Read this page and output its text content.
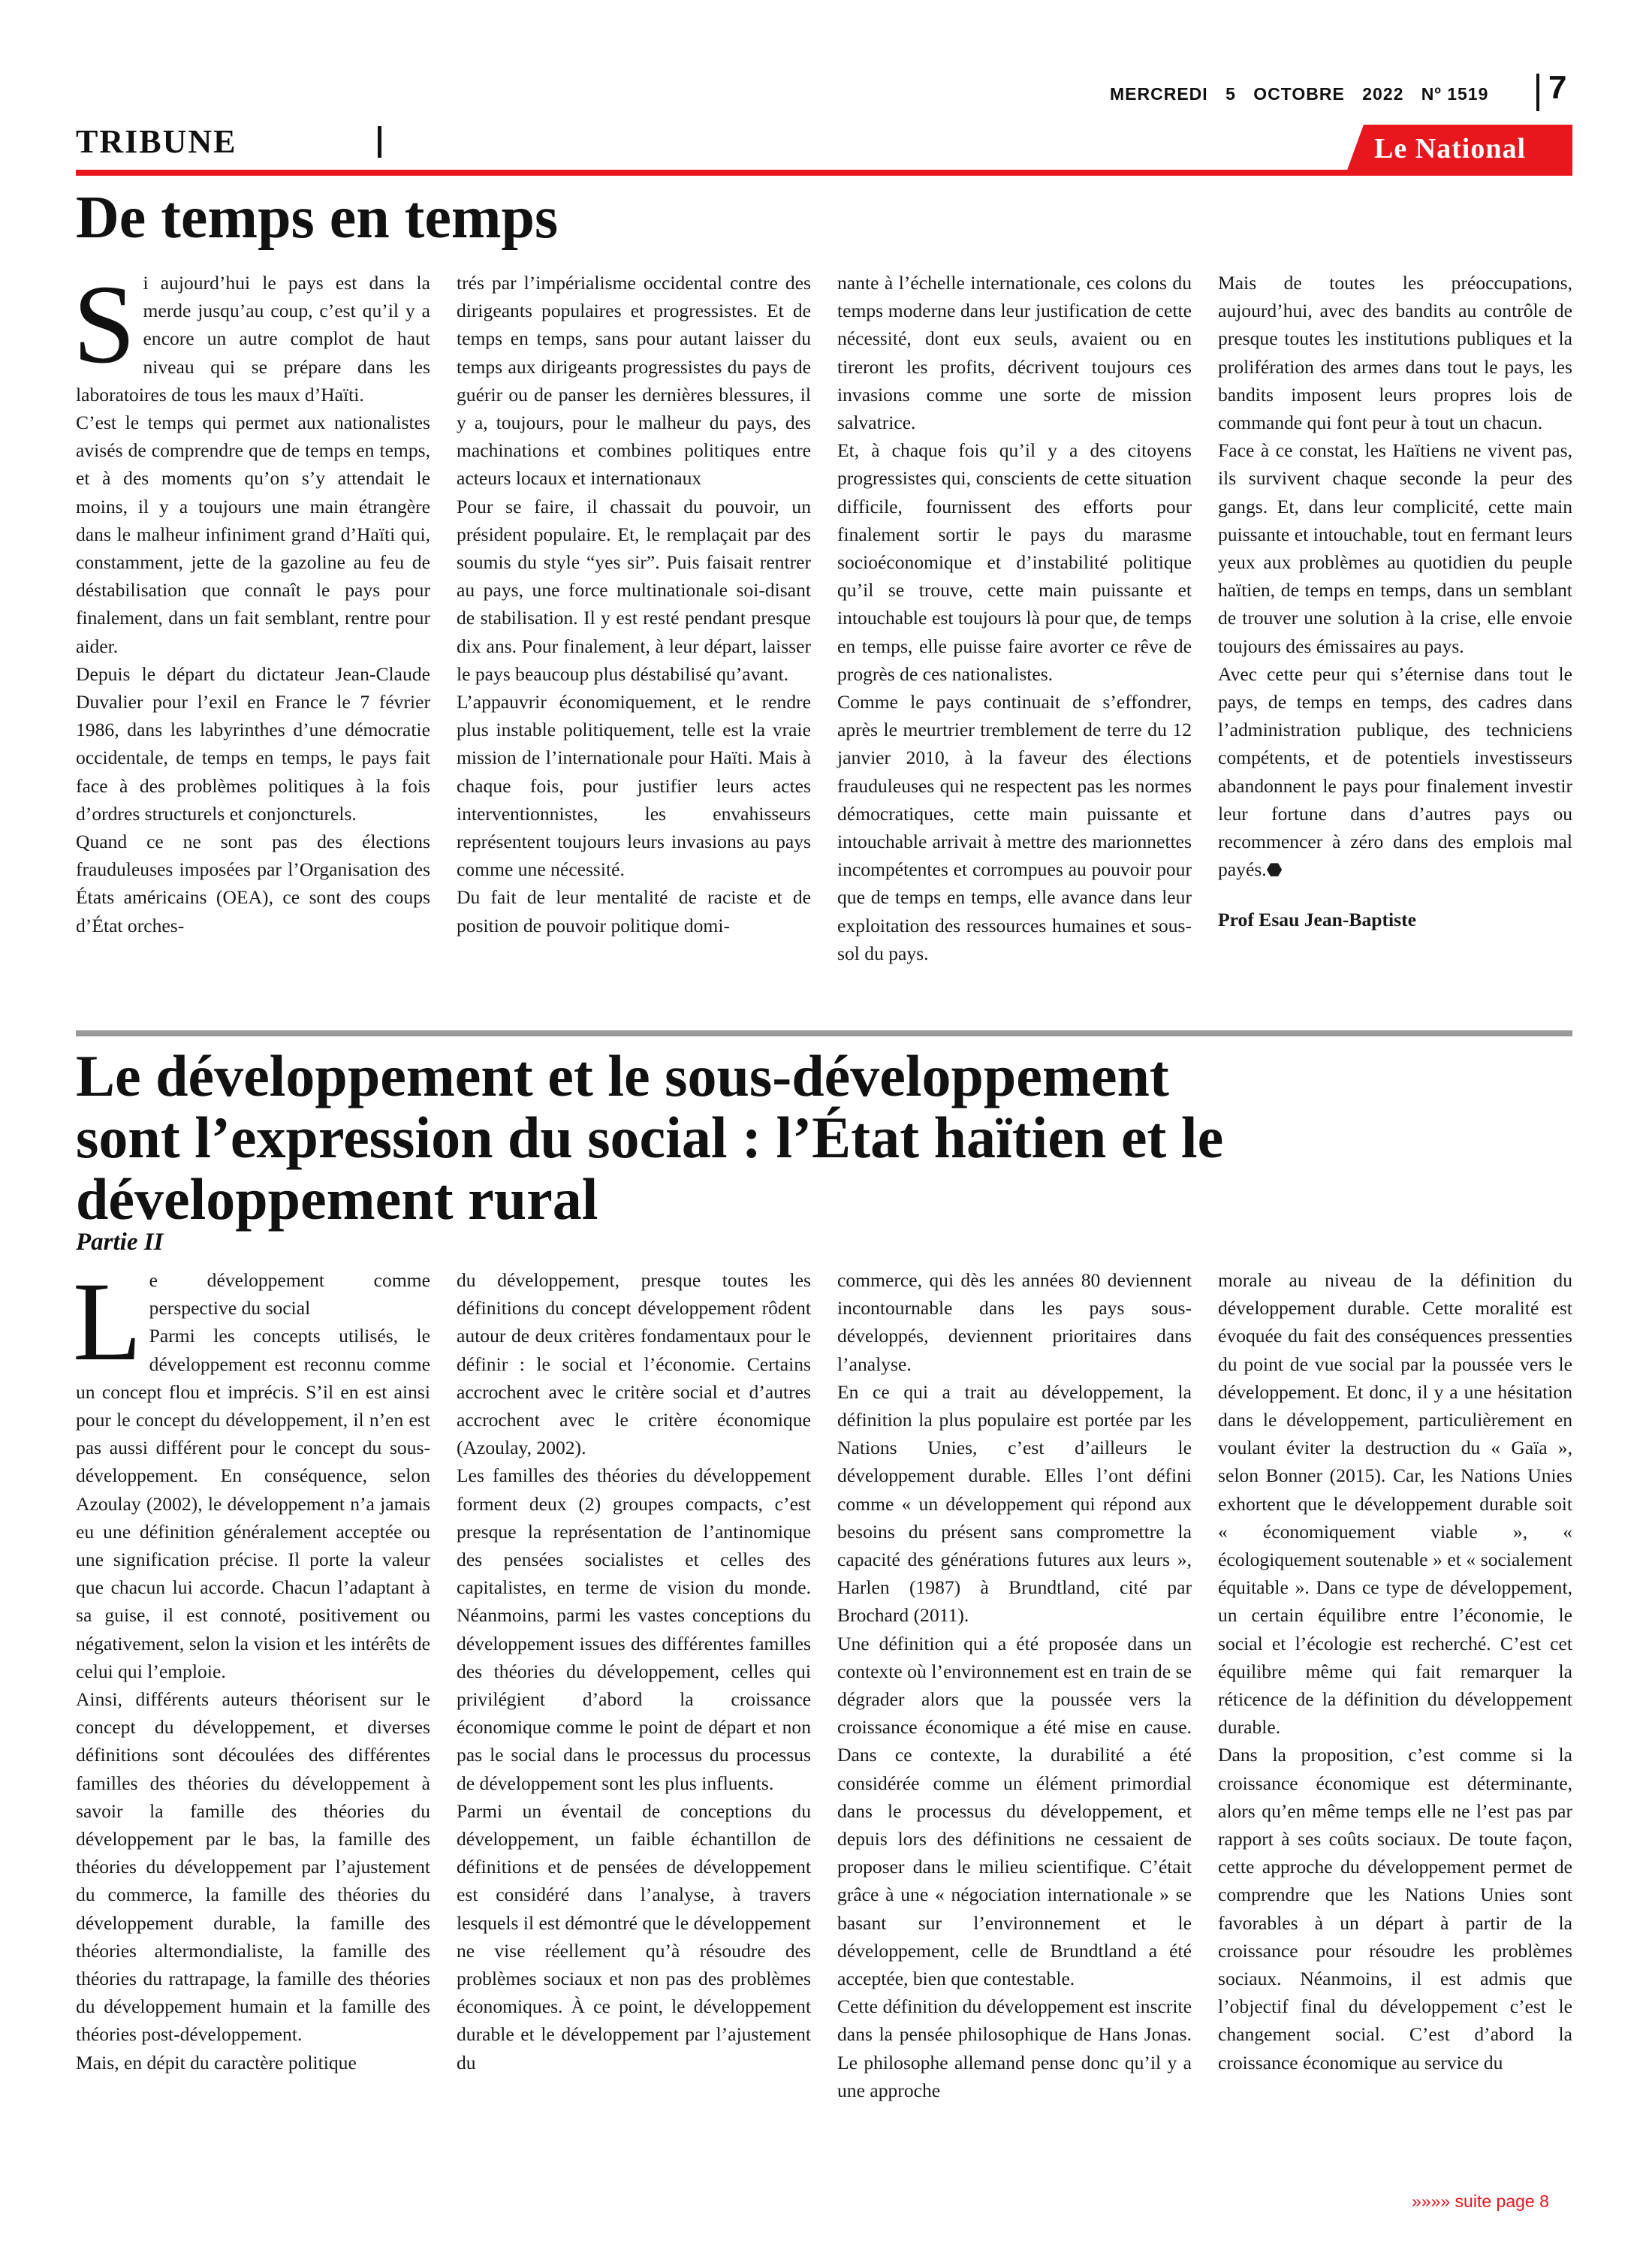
MERCREDI 5 OCTOBRE 2022 Nº 1519	7
TRIBUNE	Le National
De temps en temps

Si aujourd’hui le pays est dans la merde jusqu’au coup, c’est qu’il y a encore un autre complot de haut niveau qui se prépare dans les laboratoires de tous les maux d’Haïti.

C’est le temps qui permet aux nationalistes avisés de comprendre que de temps en temps, et à des moments qu’on s’y attendait le moins, il y a toujours une main étrangère dans le malheur infiniment grand d’Haïti qui, constamment, jette de la gazoline au feu de déstabilisation que connaît le pays pour finalement, dans un fait semblant, rentre pour aider.

Depuis le départ du dictateur Jean-Claude Duvalier pour l’exil en France le 7 février 1986, dans les labyrinthes d’une démocratie occidentale, de temps en temps, le pays fait face à des problèmes politiques à la fois d’ordres structurels et conjoncturels.

Quand ce ne sont pas des élections frauduleuses imposées par l’Organisation des États américains (OEA), ce sont des coups d’État orches-

trés par l’impérialisme occidental contre des dirigeants populaires et progressistes. Et de temps en temps, sans pour autant laisser du temps aux dirigeants progressistes du pays de guérir ou de panser les dernières blessures, il y a, toujours, pour le malheur du pays, des machinations et combines politiques entre acteurs locaux et internationaux

Pour se faire, il chassait du pouvoir, un président populaire. Et, le remplaçait par des soumis du style “yes sir”. Puis faisait rentrer au pays, une force multinationale soi-disant de stabilisation. Il y est resté pendant presque dix ans. Pour finalement, à leur départ, laisser le pays beaucoup plus déstabilisé qu’avant.

L’appauvrir économiquement, et le rendre plus instable politiquement, telle est la vraie mission de l’internationale pour Haïti. Mais à chaque fois, pour justifier leurs actes interventionnistes, les envahisseurs représentent toujours leurs invasions au pays comme une nécessité.

Du fait de leur mentalité de raciste et de position de pouvoir politique domi-

nante à l’échelle internationale, ces colons du temps moderne dans leur justification de cette nécessité, dont eux seuls, avaient ou en tireront les profits, décrivent toujours ces invasions comme une sorte de mission salvatrice.

Et, à chaque fois qu’il y a des citoyens progressistes qui, conscients de cette situation difficile, fournissent des efforts pour finalement sortir le pays du marasme socioéconomique et d’instabilité politique qu’il se trouve, cette main puissante et intouchable est toujours là pour que, de temps en temps, elle puisse faire avorter ce rêve de progrès de ces nationalistes.

Comme le pays continuait de s’effondrer, après le meurtrier tremblement de terre du 12 janvier 2010, à la faveur des élections frauduleuses qui ne respectent pas les normes démocratiques, cette main puissante et intouchable arrivait à mettre des marionnettes incompétentes et corrompues au pouvoir pour que de temps en temps, elle avance dans leur exploitation des ressources humaines et sous-sol du pays.

Mais de toutes les préoccupations, aujourd’hui, avec des bandits au contrôle de presque toutes les institutions publiques et la prolifération des armes dans tout le pays, les bandits imposent leurs propres lois de commande qui font peur à tout un chacun.

Face à ce constat, les Haïtiens ne vivent pas, ils survivent chaque seconde la peur des gangs. Et, dans leur complicité, cette main puissante et intouchable, tout en fermant leurs yeux aux problèmes au quotidien du peuple haïtien, de temps en temps, dans un semblant de trouver une solution à la crise, elle envoie toujours des émissaires au pays.

Avec cette peur qui s’éternise dans tout le pays, de temps en temps, des cadres dans l’administration publique, des techniciens compétents, et de potentiels investisseurs abandonnent le pays pour finalement investir leur fortune dans d’autres pays ou recommencer à zéro dans des emplois mal payés.⬣

Prof Esau Jean-Baptiste

Le développement et le sous-développement
sont l’expression du social : l’État haïtien et le
développement rural
Partie II

Le développement comme perspective du social

Parmi les concepts utilisés, le développement est reconnu comme un concept flou et imprécis. S’il en est ainsi pour le concept du développement, il n’en est pas aussi différent pour le concept du sous-développement. En conséquence, selon Azoulay (2002), le développement n’a jamais eu une définition généralement acceptée ou une signification précise. Il porte la valeur que chacun lui accorde. Chacun l’adaptant à sa guise, il est connoté, positivement ou négativement, selon la vision et les intérêts de celui qui l’emploie.

Ainsi, différents auteurs théorisent sur le concept du développement, et diverses définitions sont découlées des différentes familles des théories du développement à savoir la famille des théories du développement par le bas, la famille des théories du développement par l’ajustement du commerce, la famille des théories du développement durable, la famille des théories altermondialiste, la famille des théories du rattrapage, la famille des théories du développement humain et la famille des théories post-développement.

Mais, en dépit du caractère politique

du développement, presque toutes les définitions du concept développement rôdent autour de deux critères fondamentaux pour le définir : le social et l’économie. Certains accrochent avec le critère social et d’autres accrochent avec le critère économique (Azoulay, 2002).

Les familles des théories du développement forment deux (2) groupes compacts, c’est presque la représentation de l’antinomique des pensées socialistes et celles des capitalistes, en terme de vision du monde. Néanmoins, parmi les vastes conceptions du développement issues des différentes familles des théories du développement, celles qui privilégient d’abord la croissance économique comme le point de départ et non pas le social dans le processus du processus de développement sont les plus influents.

Parmi un éventail de conceptions du développement, un faible échantillon de définitions et de pensées de développement est considéré dans l’analyse, à travers lesquels il est démontré que le développement ne vise réellement qu’à résoudre des problèmes sociaux et non pas des problèmes économiques. À ce point, le développement durable et le développement par l’ajustement du

commerce, qui dès les années 80 deviennent incontournable dans les pays sous-développés, deviennent prioritaires dans l’analyse.

En ce qui a trait au développement, la définition la plus populaire est portée par les Nations Unies, c’est d’ailleurs le développement durable. Elles l’ont défini comme « un développement qui répond aux besoins du présent sans compromettre la capacité des générations futures aux leurs », Harlen (1987) à Brundtland, cité par Brochard (2011).

Une définition qui a été proposée dans un contexte où l’environnement est en train de se dégrader alors que la poussée vers la croissance économique a été mise en cause. Dans ce contexte, la durabilité a été considérée comme un élément primordial dans le processus du développement, et depuis lors des définitions ne cessaient de proposer dans le milieu scientifique. C’était grâce à une « négociation internationale » se basant sur l’environnement et le développement, celle de Brundtland a été acceptée, bien que contestable.

Cette définition du développement est inscrite dans la pensée philosophique de Hans Jonas. Le philosophe allemand pense donc qu’il y a une approche

morale au niveau de la définition du développement durable. Cette moralité est évoquée du fait des conséquences pressenties du point de vue social par la poussée vers le développement. Et donc, il y a une hésitation dans le développement, particulièrement en voulant éviter la destruction du « Gaïa », selon Bonner (2015). Car, les Nations Unies exhortent que le développement durable soit « économiquement viable », « écologiquement soutenable » et « socialement équitable ». Dans ce type de développement, un certain équilibre entre l’économie, le social et l’écologie est recherché. C’est cet équilibre même qui fait remarquer la réticence de la définition du développement durable.

Dans la proposition, c’est comme si la croissance économique est déterminante, alors qu’en même temps elle ne l’est pas par rapport à ses coûts sociaux. De toute façon, cette approche du développement permet de comprendre que les Nations Unies sont favorables à un départ à partir de la croissance pour résoudre les problèmes sociaux. Néanmoins, il est admis que l’objectif final du développement c’est le changement social. C’est d’abord la croissance économique au service du

»»»» suite page 8
